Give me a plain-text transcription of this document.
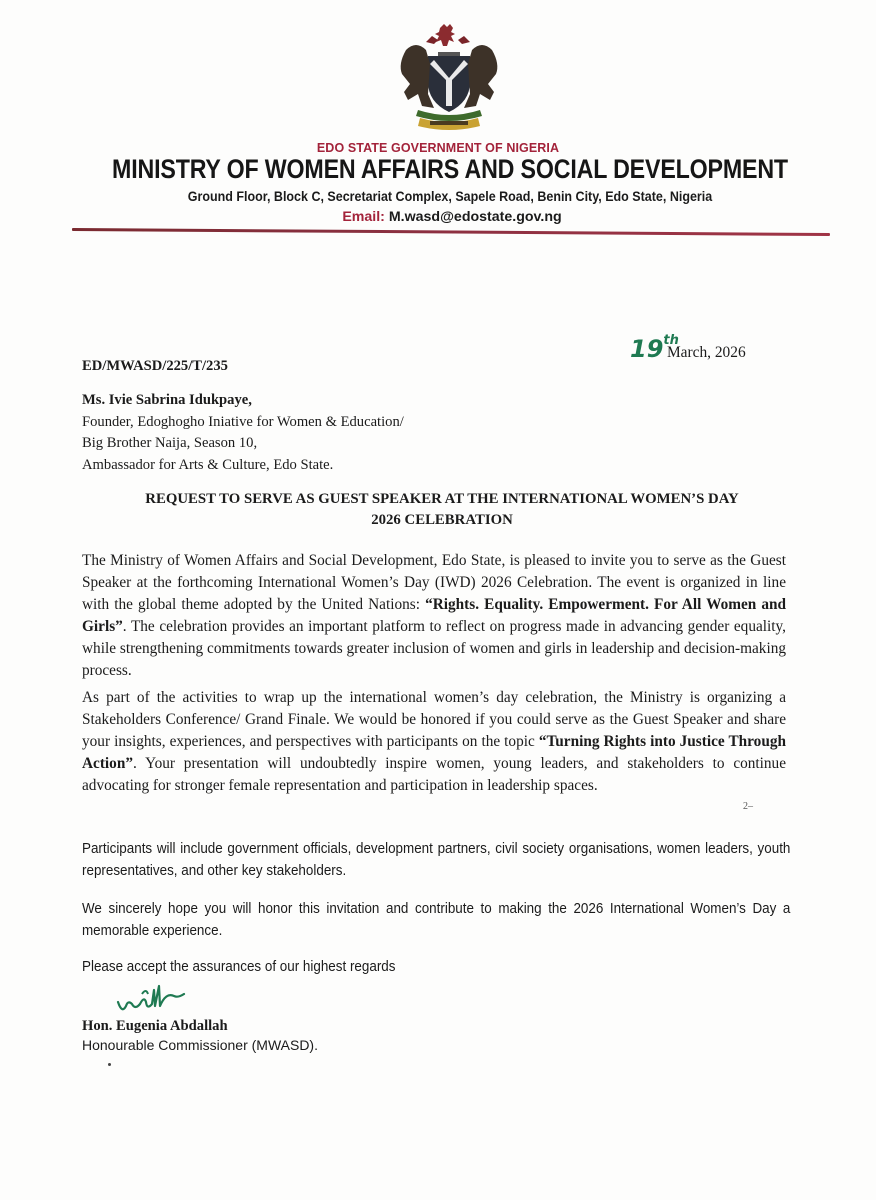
EDO STATE GOVERNMENT OF NIGERIA
MINISTRY OF WOMEN AFFAIRS AND SOCIAL DEVELOPMENT
Ground Floor, Block C, Secretariat Complex, Sapele Road, Benin City, Edo State, Nigeria
Email: M.wasd@edostate.gov.ng
ED/MWASD/225/T/235
19th
March, 2026
Ms. Ivie Sabrina Idukpaye,
Founder, Edoghogho Iniative for Women & Education/
Big Brother Naija, Season 10,
Ambassador for Arts & Culture, Edo State.
REQUEST TO SERVE AS GUEST SPEAKER AT THE INTERNATIONAL WOMEN’S DAY
2026 CELEBRATION
The Ministry of Women Affairs and Social Development, Edo State, is pleased to invite you to serve as the Guest Speaker at the forthcoming International Women’s Day (IWD) 2026 Celebration. The event is organized in line with the global theme adopted by the United Nations: “Rights. Equality. Empowerment. For All Women and Girls”. The celebration provides an important platform to reflect on progress made in advancing gender equality, while strengthening commitments towards greater inclusion of women and girls in leadership and decision-making process.
As part of the activities to wrap up the international women’s day celebration, the Ministry is organizing a Stakeholders Conference/ Grand Finale. We would be honored if you could serve as the Guest Speaker and share your insights, experiences, and perspectives with participants on the topic “Turning Rights into Justice Through Action”. Your presentation will undoubtedly inspire women, young leaders, and stakeholders to continue advocating for stronger female representation and participation in leadership spaces.
2–
Participants will include government officials, development partners, civil society organisations, women leaders, youth representatives, and other key stakeholders.
We sincerely hope you will honor this invitation and contribute to making the 2026 International Women’s Day a memorable experience.
Please accept the assurances of our highest regards
Hon. Eugenia Abdallah
Honourable Commissioner (MWASD).
